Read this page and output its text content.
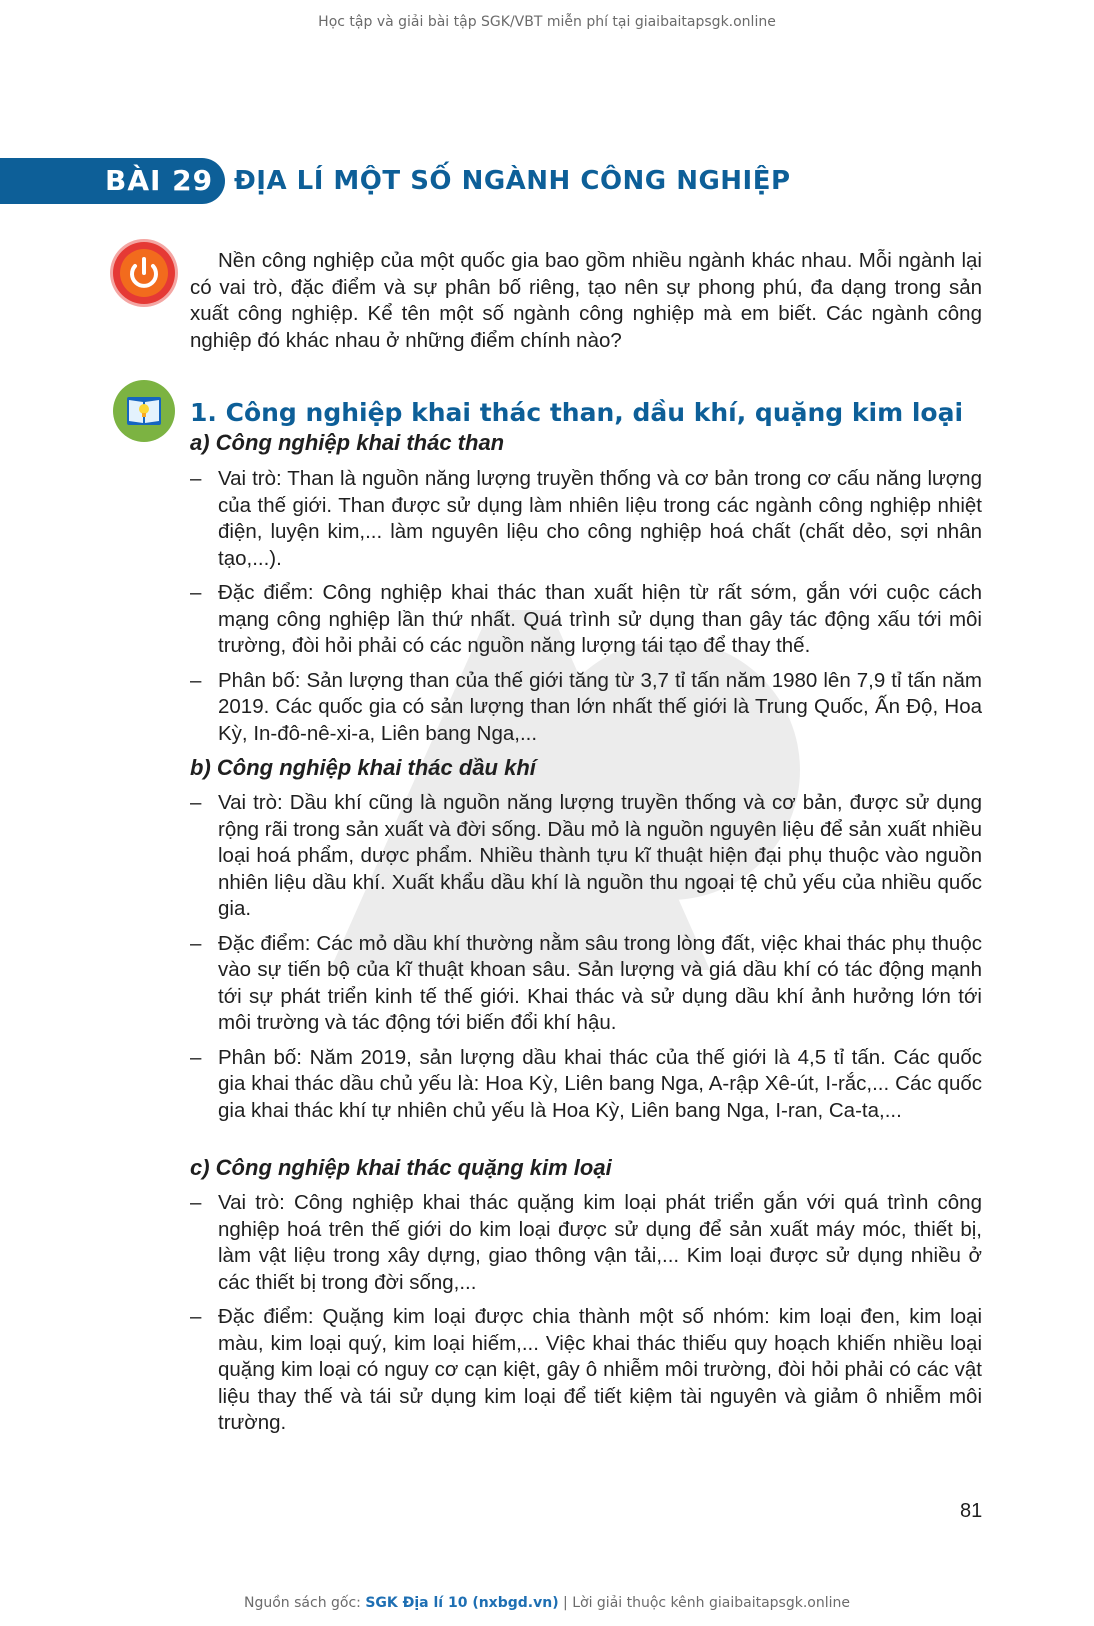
Học tập và giải bài tập SGK/VBT miễn phí tại giaibaitapsgk.online
BÀI 29 ĐỊA LÍ MỘT SỐ NGÀNH CÔNG NGHIỆP
Nền công nghiệp của một quốc gia bao gồm nhiều ngành khác nhau. Mỗi ngành lại có vai trò, đặc điểm và sự phân bố riêng, tạo nên sự phong phú, đa dạng trong sản xuất công nghiệp. Kể tên một số ngành công nghiệp mà em biết. Các ngành công nghiệp đó khác nhau ở những điểm chính nào?
1. Công nghiệp khai thác than, dầu khí, quặng kim loại
a) Công nghiệp khai thác than
– Vai trò: Than là nguồn năng lượng truyền thống và cơ bản trong cơ cấu năng lượng của thế giới. Than được sử dụng làm nhiên liệu trong các ngành công nghiệp nhiệt điện, luyện kim,... làm nguyên liệu cho công nghiệp hoá chất (chất dẻo, sợi nhân tạo,...).
– Đặc điểm: Công nghiệp khai thác than xuất hiện từ rất sớm, gắn với cuộc cách mạng công nghiệp lần thứ nhất. Quá trình sử dụng than gây tác động xấu tới môi trường, đòi hỏi phải có các nguồn năng lượng tái tạo để thay thế.
– Phân bố: Sản lượng than của thế giới tăng từ 3,7 tỉ tấn năm 1980 lên 7,9 tỉ tấn năm 2019. Các quốc gia có sản lượng than lớn nhất thế giới là Trung Quốc, Ấn Độ, Hoa Kỳ, In-đô-nê-xi-a, Liên bang Nga,...
b) Công nghiệp khai thác dầu khí
– Vai trò: Dầu khí cũng là nguồn năng lượng truyền thống và cơ bản, được sử dụng rộng rãi trong sản xuất và đời sống. Dầu mỏ là nguồn nguyên liệu để sản xuất nhiều loại hoá phẩm, dược phẩm. Nhiều thành tựu kĩ thuật hiện đại phụ thuộc vào nguồn nhiên liệu dầu khí. Xuất khẩu dầu khí là nguồn thu ngoại tệ chủ yếu của nhiều quốc gia.
– Đặc điểm: Các mỏ dầu khí thường nằm sâu trong lòng đất, việc khai thác phụ thuộc vào sự tiến bộ của kĩ thuật khoan sâu. Sản lượng và giá dầu khí có tác động mạnh tới sự phát triển kinh tế thế giới. Khai thác và sử dụng dầu khí ảnh hưởng lớn tới môi trường và tác động tới biến đổi khí hậu.
– Phân bố: Năm 2019, sản lượng dầu khai thác của thế giới là 4,5 tỉ tấn. Các quốc gia khai thác dầu chủ yếu là: Hoa Kỳ, Liên bang Nga, A-rập Xê-út, I-rắc,... Các quốc gia khai thác khí tự nhiên chủ yếu là Hoa Kỳ, Liên bang Nga, I-ran, Ca-ta,...
c) Công nghiệp khai thác quặng kim loại
– Vai trò: Công nghiệp khai thác quặng kim loại phát triển gắn với quá trình công nghiệp hoá trên thế giới do kim loại được sử dụng để sản xuất máy móc, thiết bị, làm vật liệu trong xây dựng, giao thông vận tải,... Kim loại được sử dụng nhiều ở các thiết bị trong đời sống,...
– Đặc điểm: Quặng kim loại được chia thành một số nhóm: kim loại đen, kim loại màu, kim loại quý, kim loại hiếm,... Việc khai thác thiếu quy hoạch khiến nhiều loại quặng kim loại có nguy cơ cạn kiệt, gây ô nhiễm môi trường, đòi hỏi phải có các vật liệu thay thế và tái sử dụng kim loại để tiết kiệm tài nguyên và giảm ô nhiễm môi trường.
81
Nguồn sách gốc: SGK Địa lí 10 (nxbgd.vn) | Lời giải thuộc kênh giaibaitapsgk.online
